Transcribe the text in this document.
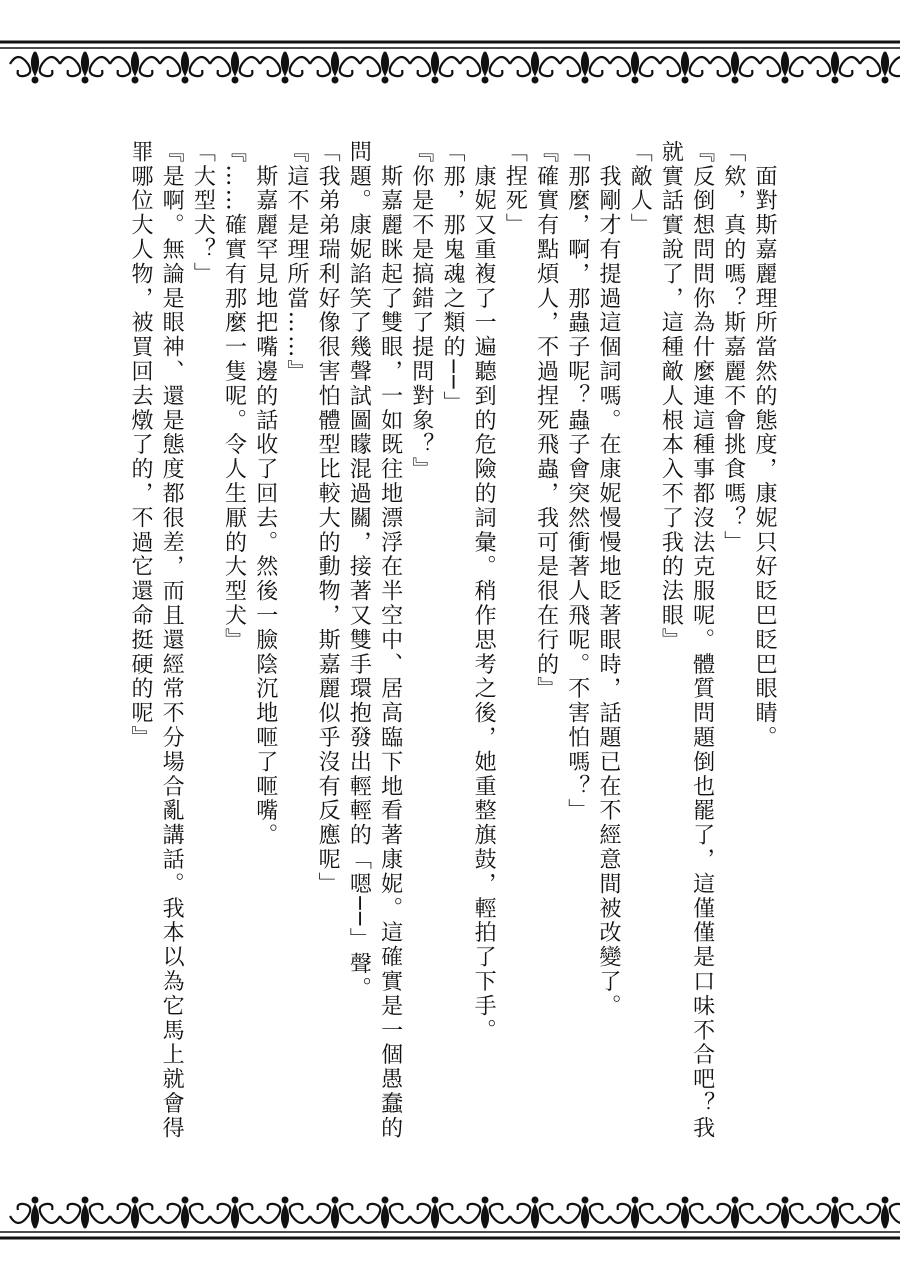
　面對斯嘉麗理所當然的態度，康妮只好眨巴眨巴眼睛。

「欸，真的嗎？斯嘉麗不會挑食嗎？」

『反倒想問問你為什麼連這種事都沒法克服呢。體質問題倒也罷了，這僅僅是口味不合吧？我就實話實說了，這種敵人根本入不了我的法眼』

「敵人」

　我剛才有提過這個詞嗎。在康妮慢慢地眨著眼時，話題已在不經意間被改變了。

「那麼，啊，那蟲子呢？蟲子會突然衝著人飛呢。不害怕嗎？」

『確實有點煩人，不過捏死飛蟲，我可是很在行的』

「捏死」

　康妮又重複了一遍聽到的危險的詞彙。稍作思考之後，她重整旗鼓，輕拍了下手。

「那，那鬼魂之類的──」

『你是不是搞錯了提問對象？』

　斯嘉麗眯起了雙眼，一如既往地漂浮在半空中、居高臨下地看著康妮。這確實是一個愚蠢的問題。康妮諂笑了幾聲試圖矇混過關，接著又雙手環抱發出輕輕的「嗯──」聲。

「我弟弟瑞利好像很害怕體型比較大的動物，斯嘉麗似乎沒有反應呢」

『這不是理所當……』

　斯嘉麗罕見地把嘴邊的話收了回去。然後一臉陰沉地咂了咂嘴。

『……確實有那麼一隻呢。令人生厭的大型犬』

「大型犬？」

『是啊。無論是眼神、還是態度都很差，而且還經常不分場合亂講話。我本以為它馬上就會得罪哪位大人物，被買回去燉了的，不過它還命挺硬的呢』
